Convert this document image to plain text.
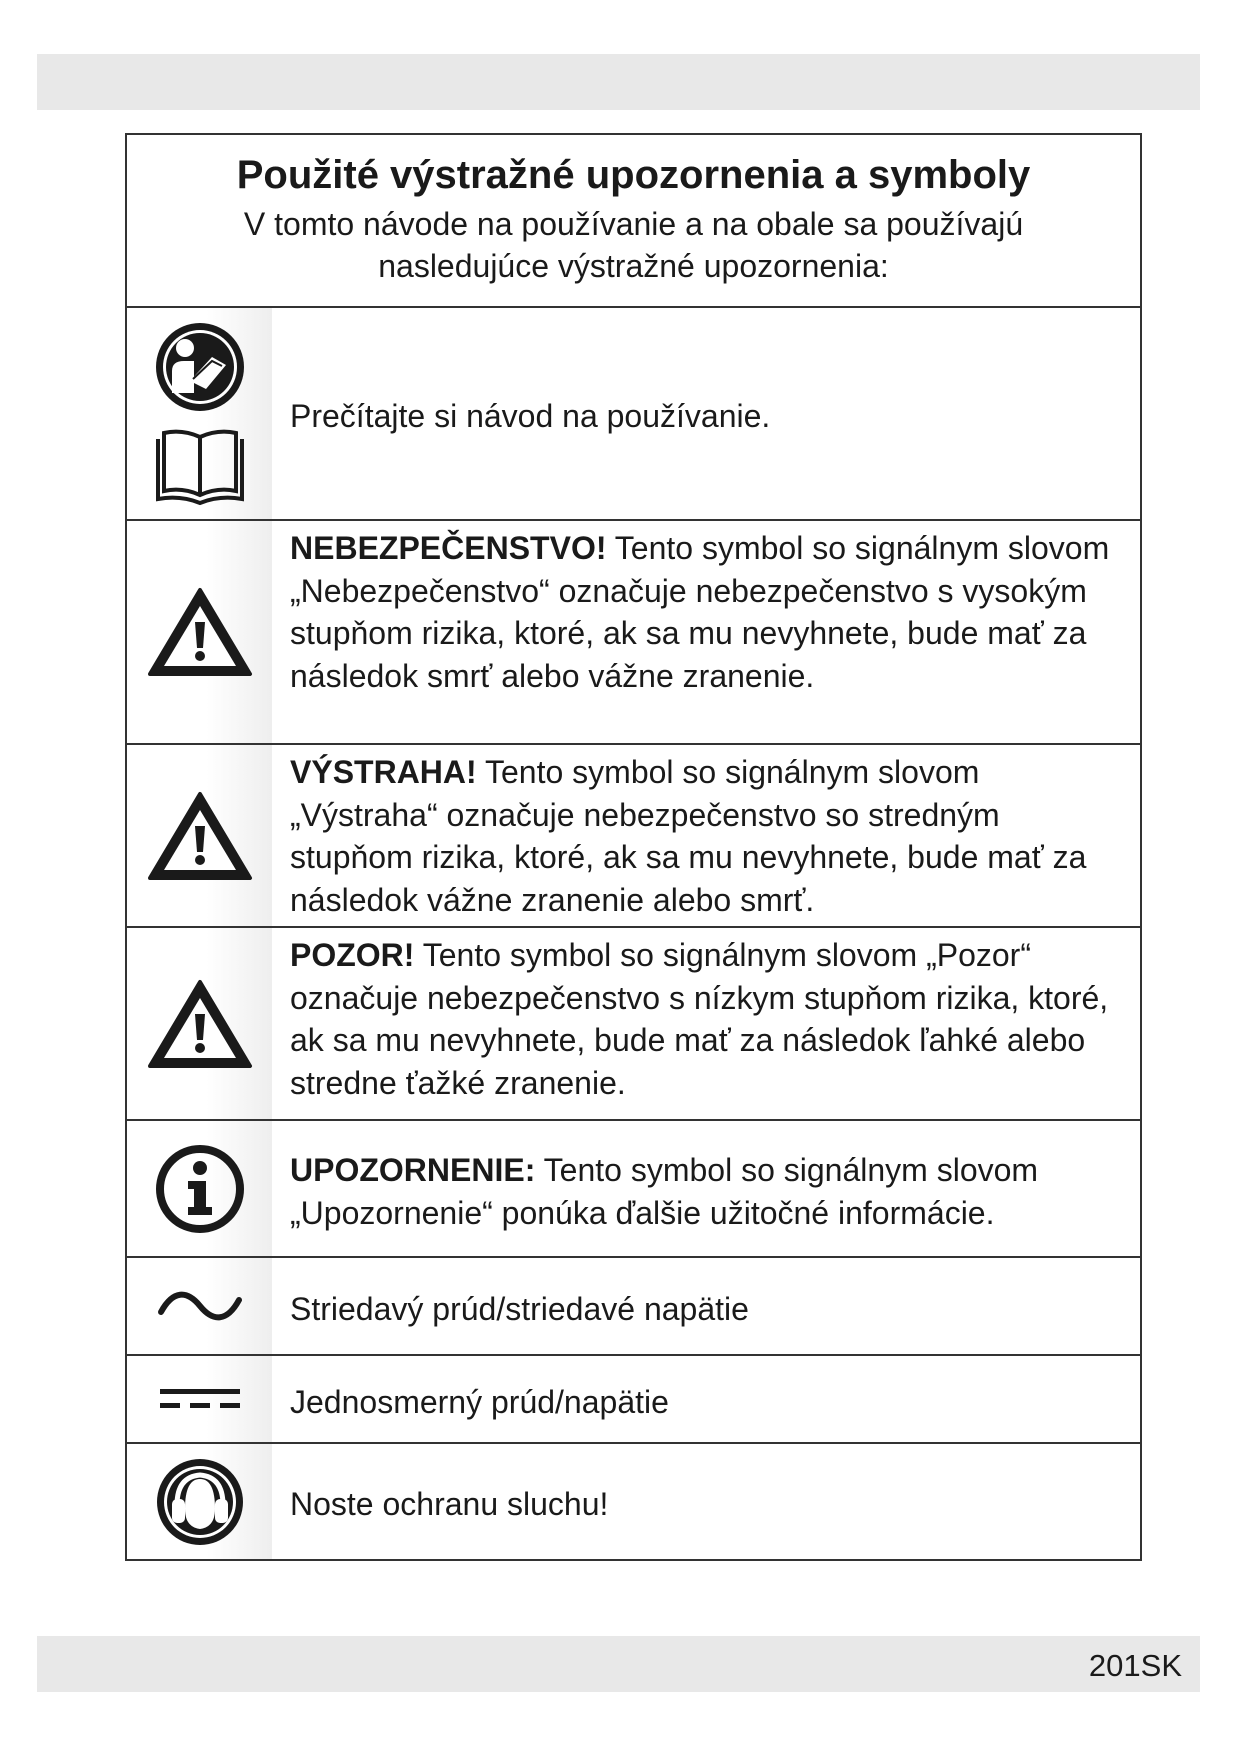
Použité výstražné upozornenia a symboly
V tomto návode na používanie a na obale sa používajú
nasledujúce výstražné upozornenia:

Prečítajte si návod na používanie.

NEBEZPEČENSTVO! Tento symbol so signálnym slovom „Nebezpečenstvo“ označuje nebezpečenstvo s vysokým stupňom rizika, ktoré, ak sa mu nevyhnete, bude mať za následok smrť alebo vážne zranenie.

VÝSTRAHA! Tento symbol so signálnym slovom „Výstraha“ označuje nebezpečenstvo so stredným stupňom rizika, ktoré, ak sa mu nevyhnete, bude mať za následok vážne zranenie alebo smrť.

POZOR! Tento symbol so signálnym slovom „Pozor“ označuje nebezpečenstvo s nízkym stupňom rizika, ktoré, ak sa mu nevyhnete, bude mať za následok ľahké alebo stredne ťažké zranenie.

UPOZORNENIE: Tento symbol so signálnym slovom „Upozornenie“ ponúka ďalšie užitočné informácie.

Striedavý prúd/striedavé napätie

Jednosmerný prúd/napätie

Noste ochranu sluchu!

201SK
